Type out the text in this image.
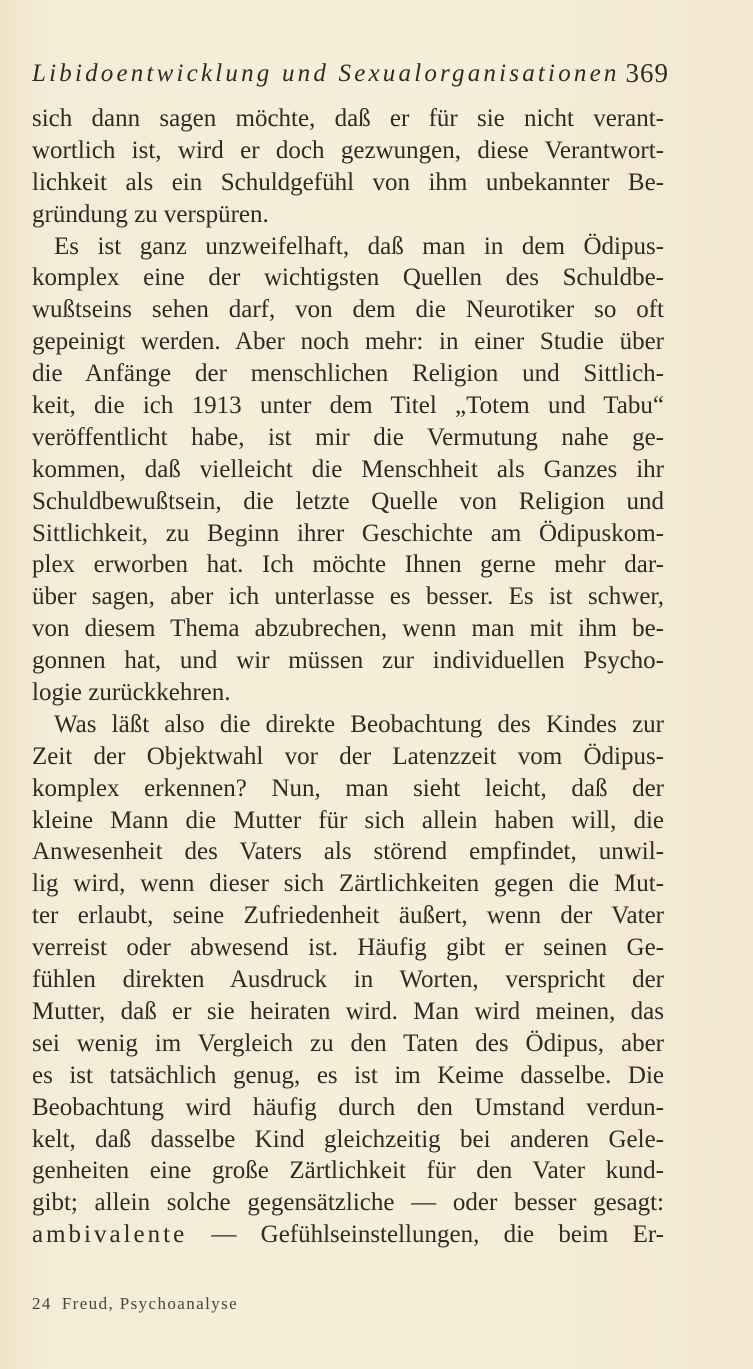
Libidoentwicklung und Sexualorganisationen 369
sich dann sagen möchte, daß er für sie nicht verant-
wortlich ist, wird er doch gezwungen, diese Verantwort-
lichkeit als ein Schuldgefühl von ihm unbekannter Be-
gründung zu verspüren.
Es ist ganz unzweifelhaft, daß man in dem Ödipus-
komplex eine der wichtigsten Quellen des Schuldbe-
wußtseins sehen darf, von dem die Neurotiker so oft
gepeinigt werden. Aber noch mehr: in einer Studie über
die Anfänge der menschlichen Religion und Sittlich-
keit, die ich 1913 unter dem Titel „Totem und Tabu“
veröffentlicht habe, ist mir die Vermutung nahe ge-
kommen, daß vielleicht die Menschheit als Ganzes ihr
Schuldbewußtsein, die letzte Quelle von Religion und
Sittlichkeit, zu Beginn ihrer Geschichte am Ödipuskom-
plex erworben hat. Ich möchte Ihnen gerne mehr dar-
über sagen, aber ich unterlasse es besser. Es ist schwer,
von diesem Thema abzubrechen, wenn man mit ihm be-
gonnen hat, und wir müssen zur individuellen Psycho-
logie zurückkehren.
Was läßt also die direkte Beobachtung des Kindes zur
Zeit der Objektwahl vor der Latenzzeit vom Ödipus-
komplex erkennen? Nun, man sieht leicht, daß der
kleine Mann die Mutter für sich allein haben will, die
Anwesenheit des Vaters als störend empfindet, unwil-
lig wird, wenn dieser sich Zärtlichkeiten gegen die Mut-
ter erlaubt, seine Zufriedenheit äußert, wenn der Vater
verreist oder abwesend ist. Häufig gibt er seinen Ge-
fühlen direkten Ausdruck in Worten, verspricht der
Mutter, daß er sie heiraten wird. Man wird meinen, das
sei wenig im Vergleich zu den Taten des Ödipus, aber
es ist tatsächlich genug, es ist im Keime dasselbe. Die
Beobachtung wird häufig durch den Umstand verdun-
kelt, daß dasselbe Kind gleichzeitig bei anderen Gele-
genheiten eine große Zärtlichkeit für den Vater kund-
gibt; allein solche gegensätzliche — oder besser gesagt:
ambivalente — Gefühlseinstellungen, die beim Er-
24 Freud, Psychoanalyse
